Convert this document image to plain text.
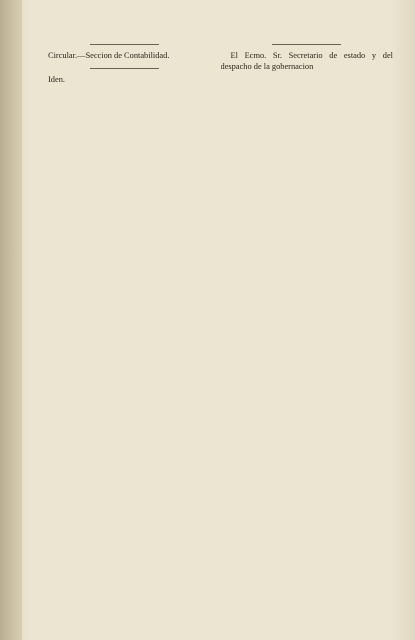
Circular.—Seccion de Contabilidad.

Iden.

El Ecmo. Sr. Secretario de estado y del despacho de la gobernacion
